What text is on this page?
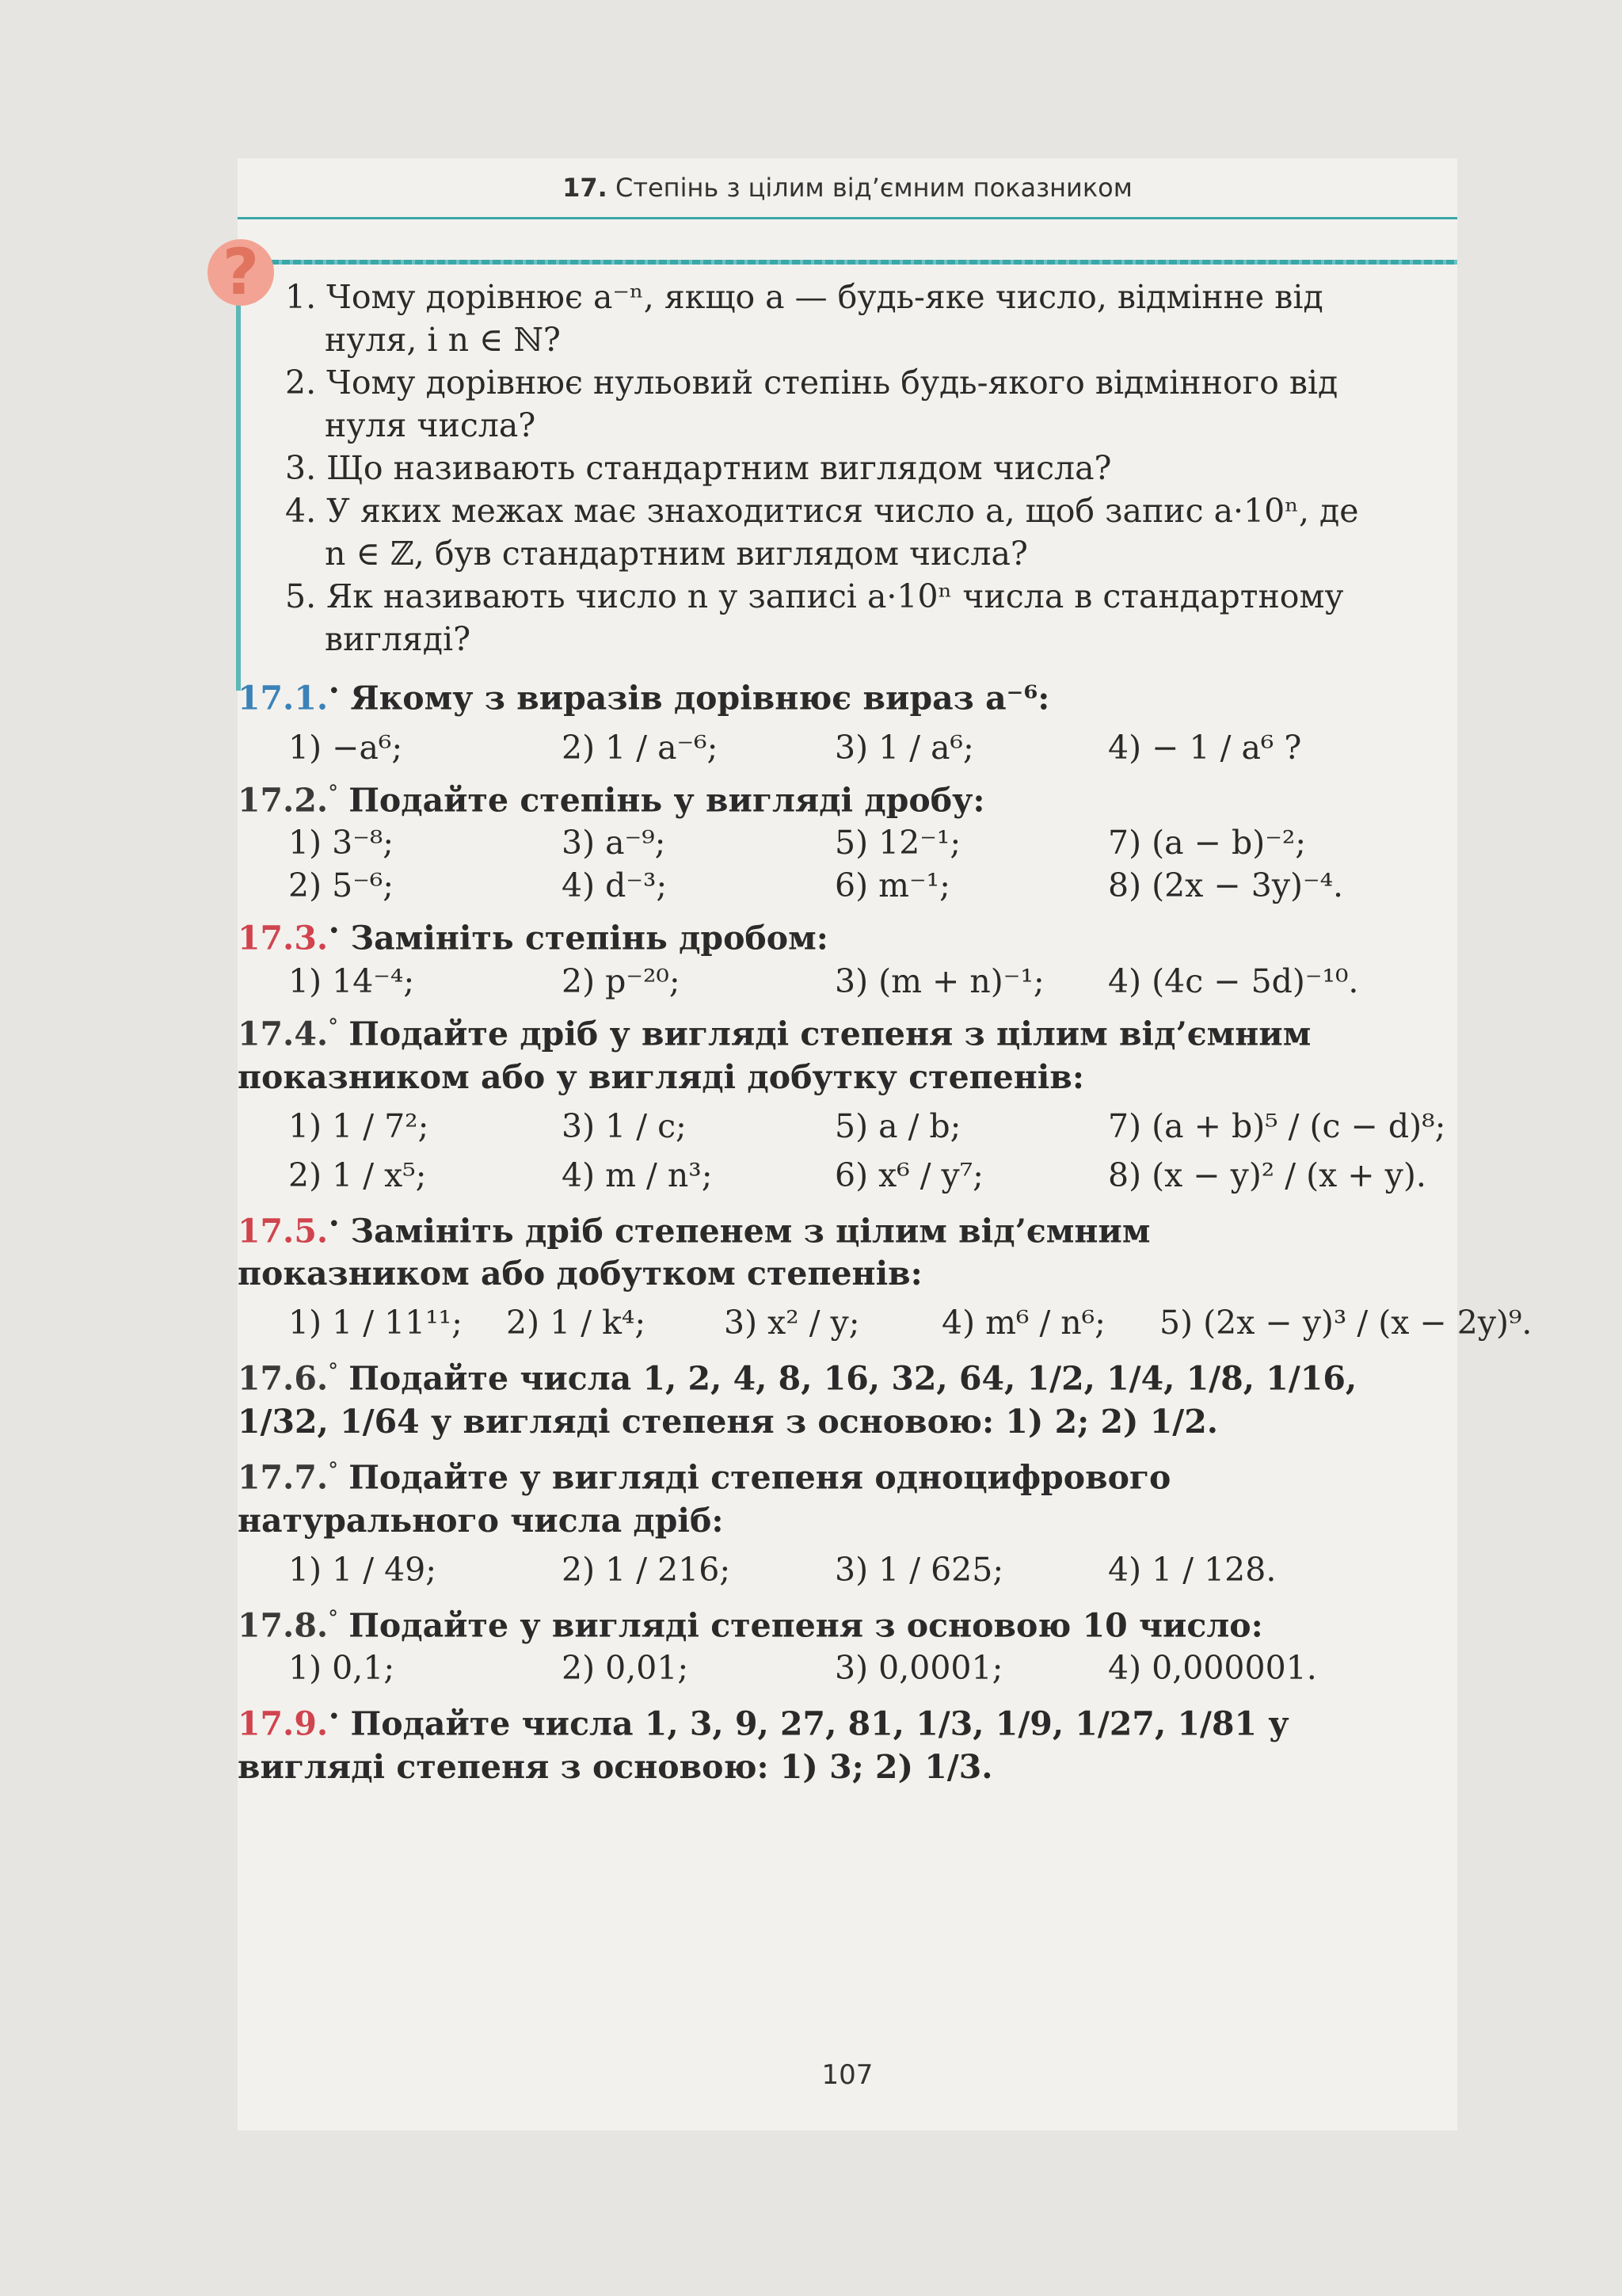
17. Степінь з цілим від’ємним показником
? 1. Чому дорівнює a⁻ⁿ, якщо a — будь-яке число, відмінне від нуля, і n ∈ ℕ?
2. Чому дорівнює нульовий степінь будь-якого відмінного від нуля числа?
3. Що називають стандартним виглядом числа?
4. У яких межах має знаходитися число a, щоб запис a·10ⁿ, де n ∈ ℤ, був стандартним виглядом числа?
5. Як називають число n у записі a·10ⁿ числа в стандартному вигляді?
17.1.• Якому з виразів дорівнює вираз a⁻⁶:
1) −a⁶;	2) 1 / a⁻⁶;	3) 1 / a⁶;	4) − 1 / a⁶ ?
17.2.° Подайте степінь у вигляді дробу:
1) 3⁻⁸;	3) a⁻⁹;	5) 12⁻¹;	7) (a − b)⁻²;
2) 5⁻⁶;	4) d⁻³;	6) m⁻¹;	8) (2x − 3y)⁻⁴.
17.3.• Замініть степінь дробом:
1) 14⁻⁴;	2) p⁻²⁰;	3) (m + n)⁻¹;	4) (4c − 5d)⁻¹⁰.
17.4.° Подайте дріб у вигляді степеня з цілим від’ємним показником або у вигляді добутку степенів:
1) 1 / 7²;	3) 1 / c;	5) a / b;	7) (a + b)⁵ / (c − d)⁸;
2) 1 / x⁵;	4) m / n³;	6) x⁶ / y⁷;	8) (x − y)² / (x + y).
17.5.• Замініть дріб степенем з цілим від’ємним показником або добутком степенів:
1) 1 / 11¹¹;	2) 1 / k⁴;	3) x² / y;	4) m⁶ / n⁶;	5) (2x − y)³ / (x − 2y)⁹.
17.6.° Подайте числа 1, 2, 4, 8, 16, 32, 64, 1/2, 1/4, 1/8, 1/16, 1/32, 1/64 у вигляді степеня з основою: 1) 2; 2) 1/2.
17.7.° Подайте у вигляді степеня одноцифрового натурального числа дріб:
1) 1 / 49;	2) 1 / 216;	3) 1 / 625;	4) 1 / 128.
17.8.° Подайте у вигляді степеня з основою 10 число:
1) 0,1;	2) 0,01;	3) 0,0001;	4) 0,000001.
17.9.• Подайте числа 1, 3, 9, 27, 81, 1/3, 1/9, 1/27, 1/81 у вигляді степеня з основою: 1) 3; 2) 1/3.
107
